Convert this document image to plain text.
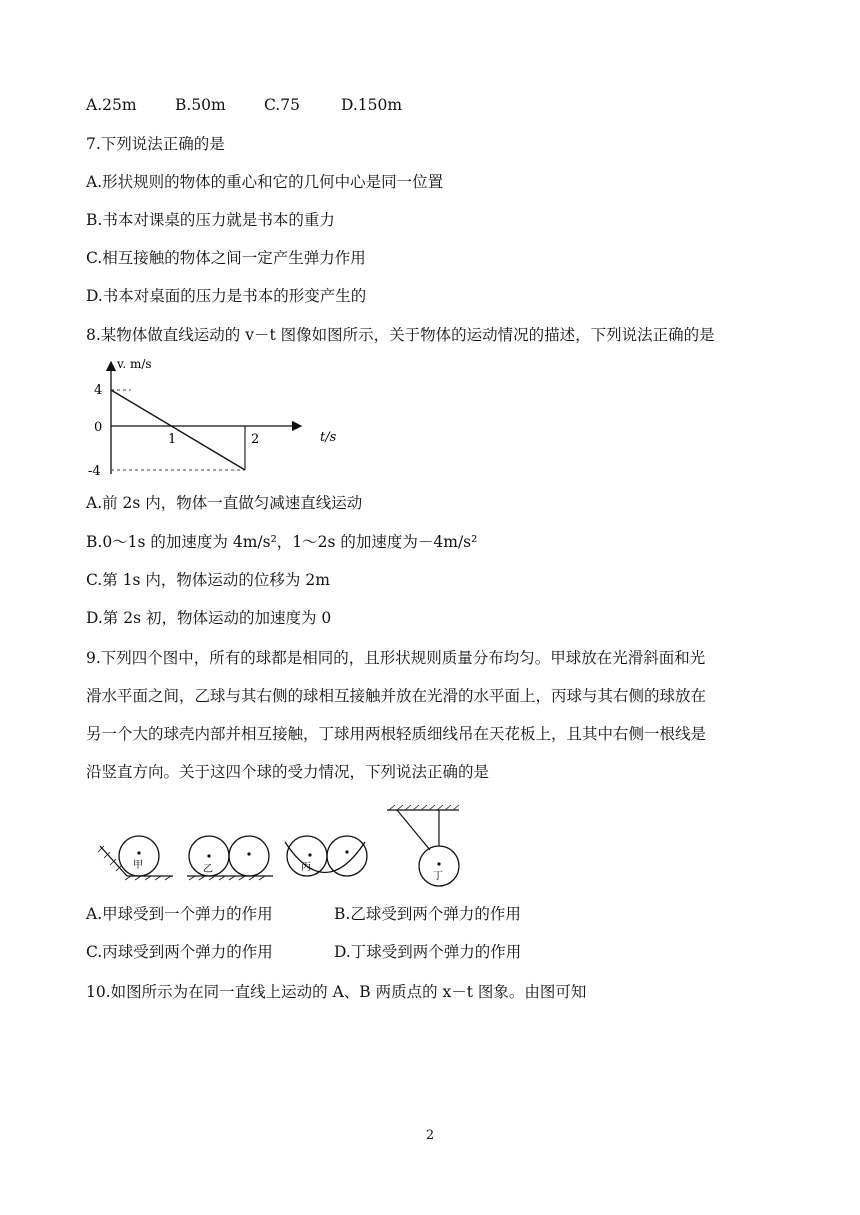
A.25m B.50m C.75	D.150m
7.下列说法正确的是
A.形状规则的物体的重心和它的几何中心是同一位置
B.书本对课桌的压力就是书本的重力
C.相互接触的物体之间一定产生弹力作用
D.书本对桌面的压力是书本的形变产生的
8.某物体做直线运动的 v－t 图像如图所示，关于物体的运动情况的描述，下列说法正确的是
v. m/s
t/s
4
0
-4
1	2
A.前 2s 内，物体一直做匀减速直线运动
B.0～1s 的加速度为 4m/s²，1～2s 的加速度为－4m/s²
C.第 1s 内，物体运动的位移为 2m
D.第 2s 初，物体运动的加速度为 0
9.下列四个图中，所有的球都是相同的，且形状规则质量分布均匀。甲球放在光滑斜面和光
滑水平面之间，乙球与其右侧的球相互接触并放在光滑的水平面上，丙球与其右侧的球放在
另一个大的球壳内部并相互接触，丁球用两根轻质细线吊在天花板上，且其中右侧一根线是
沿竖直方向。关于这四个球的受力情况，下列说法正确的是
甲	乙	丙
丁
A.甲球受到一个弹力的作用	B.乙球受到两个弹力的作用
C.丙球受到两个弹力的作用	D.丁球受到两个弹力的作用
10.如图所示为在同一直线上运动的 A、B 两质点的 x－t 图象。由图可知
2
